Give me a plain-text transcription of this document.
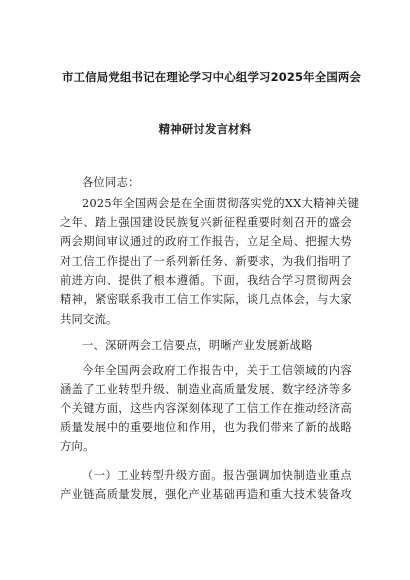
市工信局党组书记在理论学习中心组学习2025年全国两会
精神研讨发言材料
各位同志：
2025年全国两会是在全面贯彻落实党的XX大精神关键
之年、踏上强国建设民族复兴新征程重要时刻召开的盛会
两会期间审议通过的政府工作报告，立足全局、把握大势
对工信工作提出了一系列新任务、新要求，为我们指明了
前进方向、提供了根本遵循。下面，我结合学习贯彻两会
精神，紧密联系我市工信工作实际，谈几点体会，与大家
共同交流。
一、深研两会工信要点，明晰产业发展新战略
今年全国两会政府工作报告中，关于工信领域的内容
涵盖了工业转型升级、制造业高质量发展、数字经济等多
个关键方面，这些内容深刻体现了工信工作在推动经济高
质量发展中的重要地位和作用，也为我们带来了新的战略
方向。
（一）工业转型升级方面。报告强调加快制造业重点
产业链高质量发展，强化产业基础再造和重大技术装备攻
